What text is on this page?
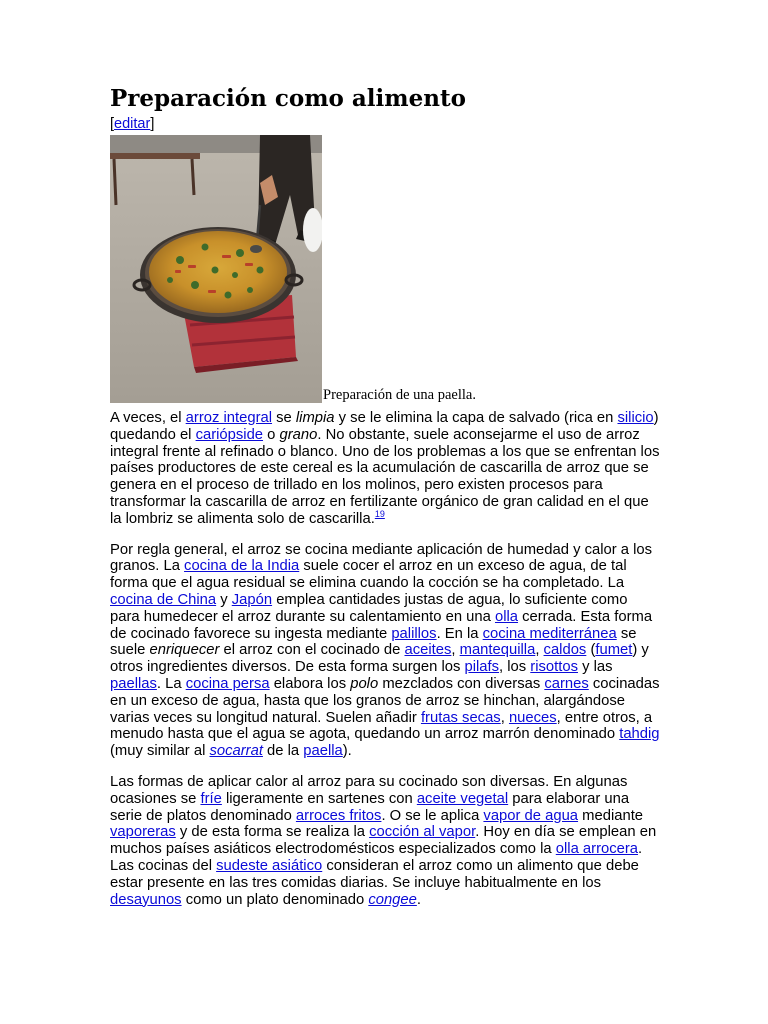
Preparación como alimento
[editar]
Preparación de una paella.

A veces, el arroz integral se limpia y se le elimina la capa de salvado (rica en silicio) quedando el cariópside o grano. No obstante, suele aconsejarme el uso de arroz integral frente al refinado o blanco. Uno de los problemas a los que se enfrentan los países productores de este cereal es la acumulación de cascarilla de arroz que se genera en el proceso de trillado en los molinos, pero existen procesos para transformar la cascarilla de arroz en fertilizante orgánico de gran calidad en el que la lombriz se alimenta solo de cascarilla.$^{19}$

Por regla general, el arroz se cocina mediante aplicación de humedad y calor a los granos. La cocina de la India suele cocer el arroz en un exceso de agua, de tal forma que el agua residual se elimina cuando la cocción se ha completado. La cocina de China y Japón emplea cantidades justas de agua, lo suficiente como para humedecer el arroz durante su calentamiento en una olla cerrada. Esta forma de cocinado favorece su ingesta mediante palillos. En la cocina mediterránea se suele enriquecer el arroz con el cocinado de aceites, mantequilla, caldos (fumet) y otros ingredientes diversos. De esta forma surgen los pilafs, los risottos y las paellas. La cocina persa elabora los polo mezclados con diversas carnes cocinadas en un exceso de agua, hasta que los granos de arroz se hinchan, alargándose varias veces su longitud natural. Suelen añadir frutas secas, nueces, entre otros, a menudo hasta que el agua se agota, quedando un arroz marrón denominado tahdig (muy similar al socarrat de la paella).

Las formas de aplicar calor al arroz para su cocinado son diversas. En algunas ocasiones se fríe ligeramente en sartenes con aceite vegetal para elaborar una serie de platos denominado arroces fritos. O se le aplica vapor de agua mediante vaporeras y de esta forma se realiza la cocción al vapor. Hoy en día se emplean en muchos países asiáticos electrodomésticos especializados como la olla arrocera. Las cocinas del sudeste asiático consideran el arroz como un alimento que debe estar presente en las tres comidas diarias. Se incluye habitualmente en los desayunos como un plato denominado congee.
